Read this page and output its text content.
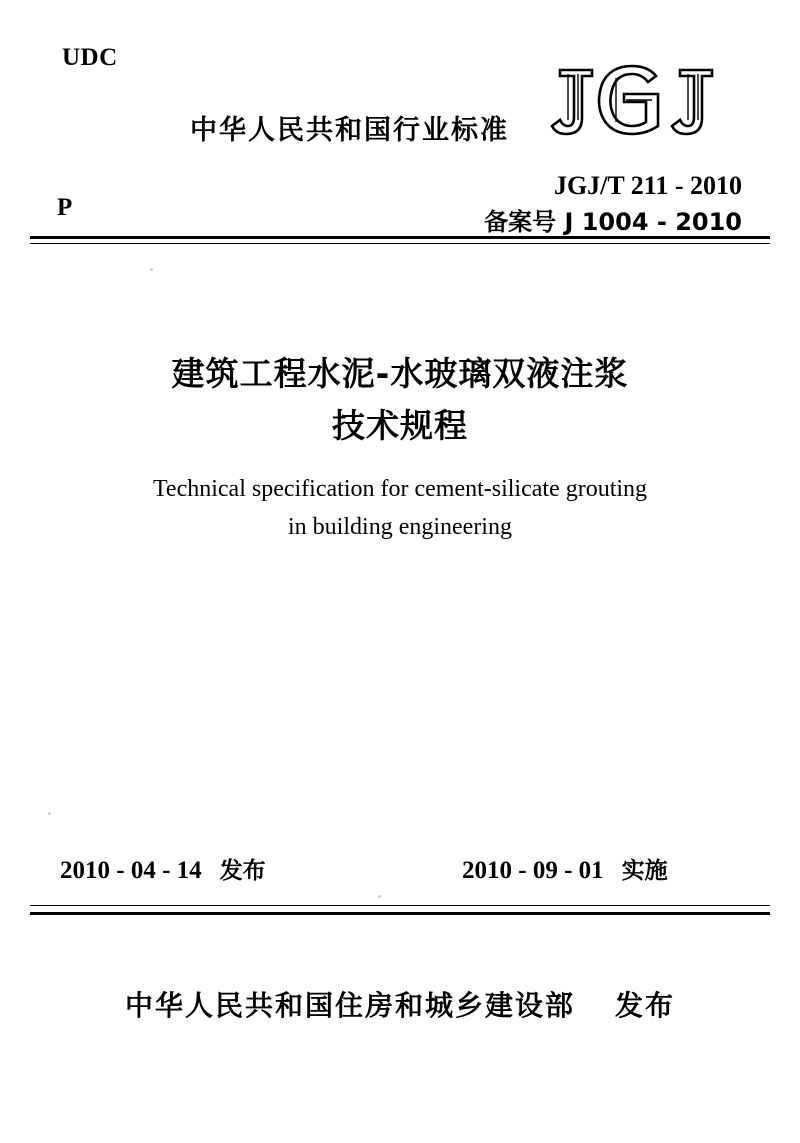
UDC
中华人民共和国行业标准
JGJ/T 211 - 2010
备案号 J 1004 - 2010
P
建筑工程水泥-水玻璃双液注浆
技术规程
Technical specification for cement-silicate grouting
in building engineering
2010 - 04 - 14 发布	2010 - 09 - 01 实施
中华人民共和国住房和城乡建设部 发布
